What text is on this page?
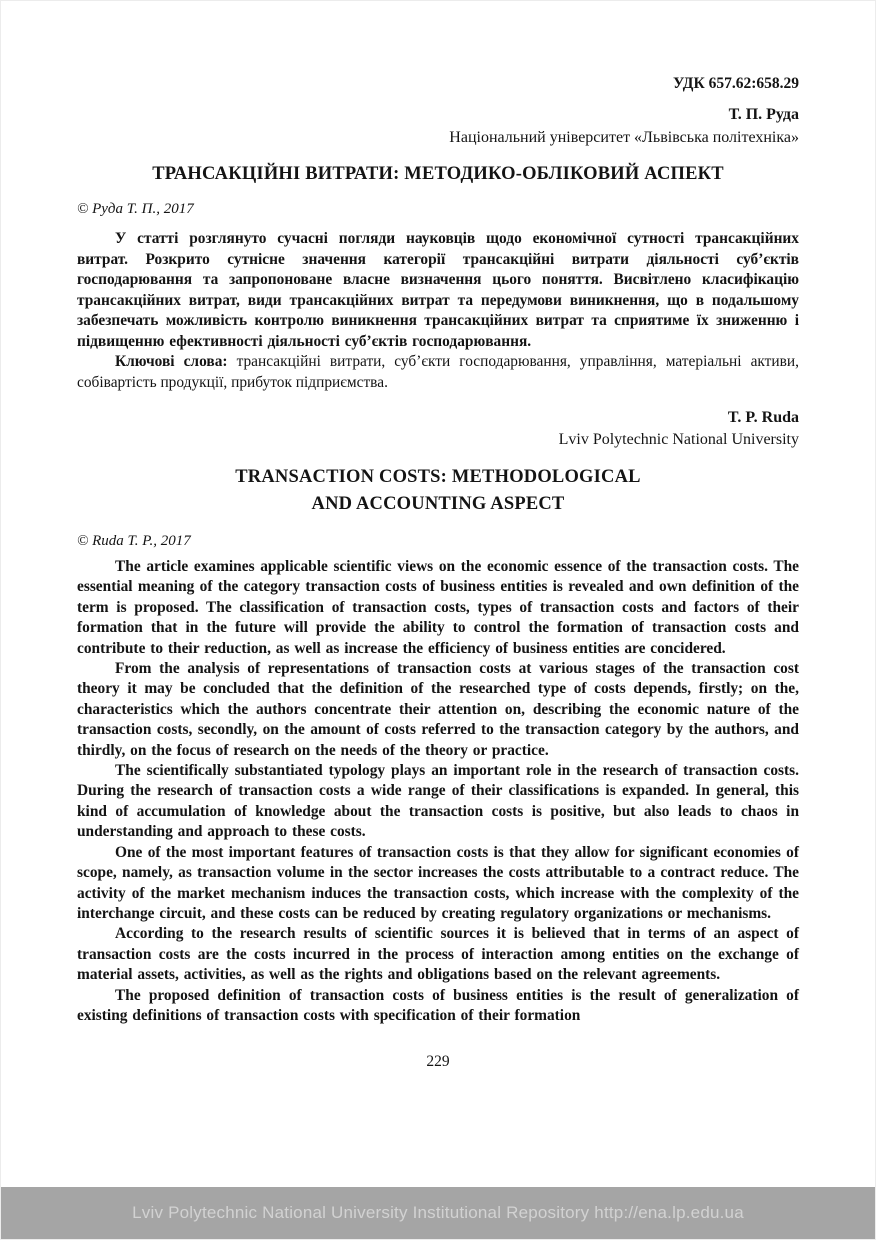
УДК 657.62:658.29

Т. П. Руда

Національний університет «Львівська політехніка»

ТРАНСАКЦІЙНІ ВИТРАТИ: МЕТОДИКО-ОБЛІКОВИЙ АСПЕКТ

© Руда Т. П., 2017

У статті розглянуто сучасні погляди науковців щодо економічної сутності трансакційних витрат. Розкрито сутнісне значення категорії трансакційні витрати діяльності суб’єктів господарювання та запропоноване власне визначення цього поняття. Висвітлено класифікацію трансакційних витрат, види трансакційних витрат та передумови виникнення, що в подальшому забезпечать можливість контролю виникнення трансакційних витрат та сприятиме їх зниженню і підвищенню ефективності діяльності суб’єктів господарювання.

Ключові слова: трансакційні витрати, суб’єкти господарювання, управління, матеріальні активи, собівартість продукції, прибуток підприємства.

T. P. Ruda

Lviv Polytechnic National University

TRANSACTION COSTS: METHODOLOGICAL
AND ACCOUNTING ASPECT

© Ruda T. P., 2017

The article examines applicable scientific views on the economic essence of the transaction costs. The essential meaning of the category transaction costs of business entities is revealed and own definition of the term is proposed. The classification of transaction costs, types of transaction costs and factors of their formation that in the future will provide the ability to control the formation of transaction costs and contribute to their reduction, as well as increase the efficiency of business entities are concidered.

From the analysis of representations of transaction costs at various stages of the transaction cost theory it may be concluded that the definition of the researched type of costs depends, firstly; on the, characteristics which the authors concentrate their attention on, describing the economic nature of the transaction costs, secondly, on the amount of costs referred to the transaction category by the authors, and thirdly, on the focus of research on the needs of the theory or practice.

The scientifically substantiated typology plays an important role in the research of transaction costs. During the research of transaction costs a wide range of their classifications is expanded. In general, this kind of accumulation of knowledge about the transaction costs is positive, but also leads to chaos in understanding and approach to these costs.

One of the most important features of transaction costs is that they allow for significant economies of scope, namely, as transaction volume in the sector increases the costs attributable to a contract reduce. The activity of the market mechanism induces the transaction costs, which increase with the complexity of the interchange circuit, and these costs can be reduced by creating regulatory organizations or mechanisms.

According to the research results of scientific sources it is believed that in terms of an aspect of transaction costs are the costs incurred in the process of interaction among entities on the exchange of material assets, activities, as well as the rights and obligations based on the relevant agreements.

The proposed definition of transaction costs of business entities is the result of generalization of existing definitions of transaction costs with specification of their formation

229

Lviv Polytechnic National University Institutional Repository http://ena.lp.edu.ua
